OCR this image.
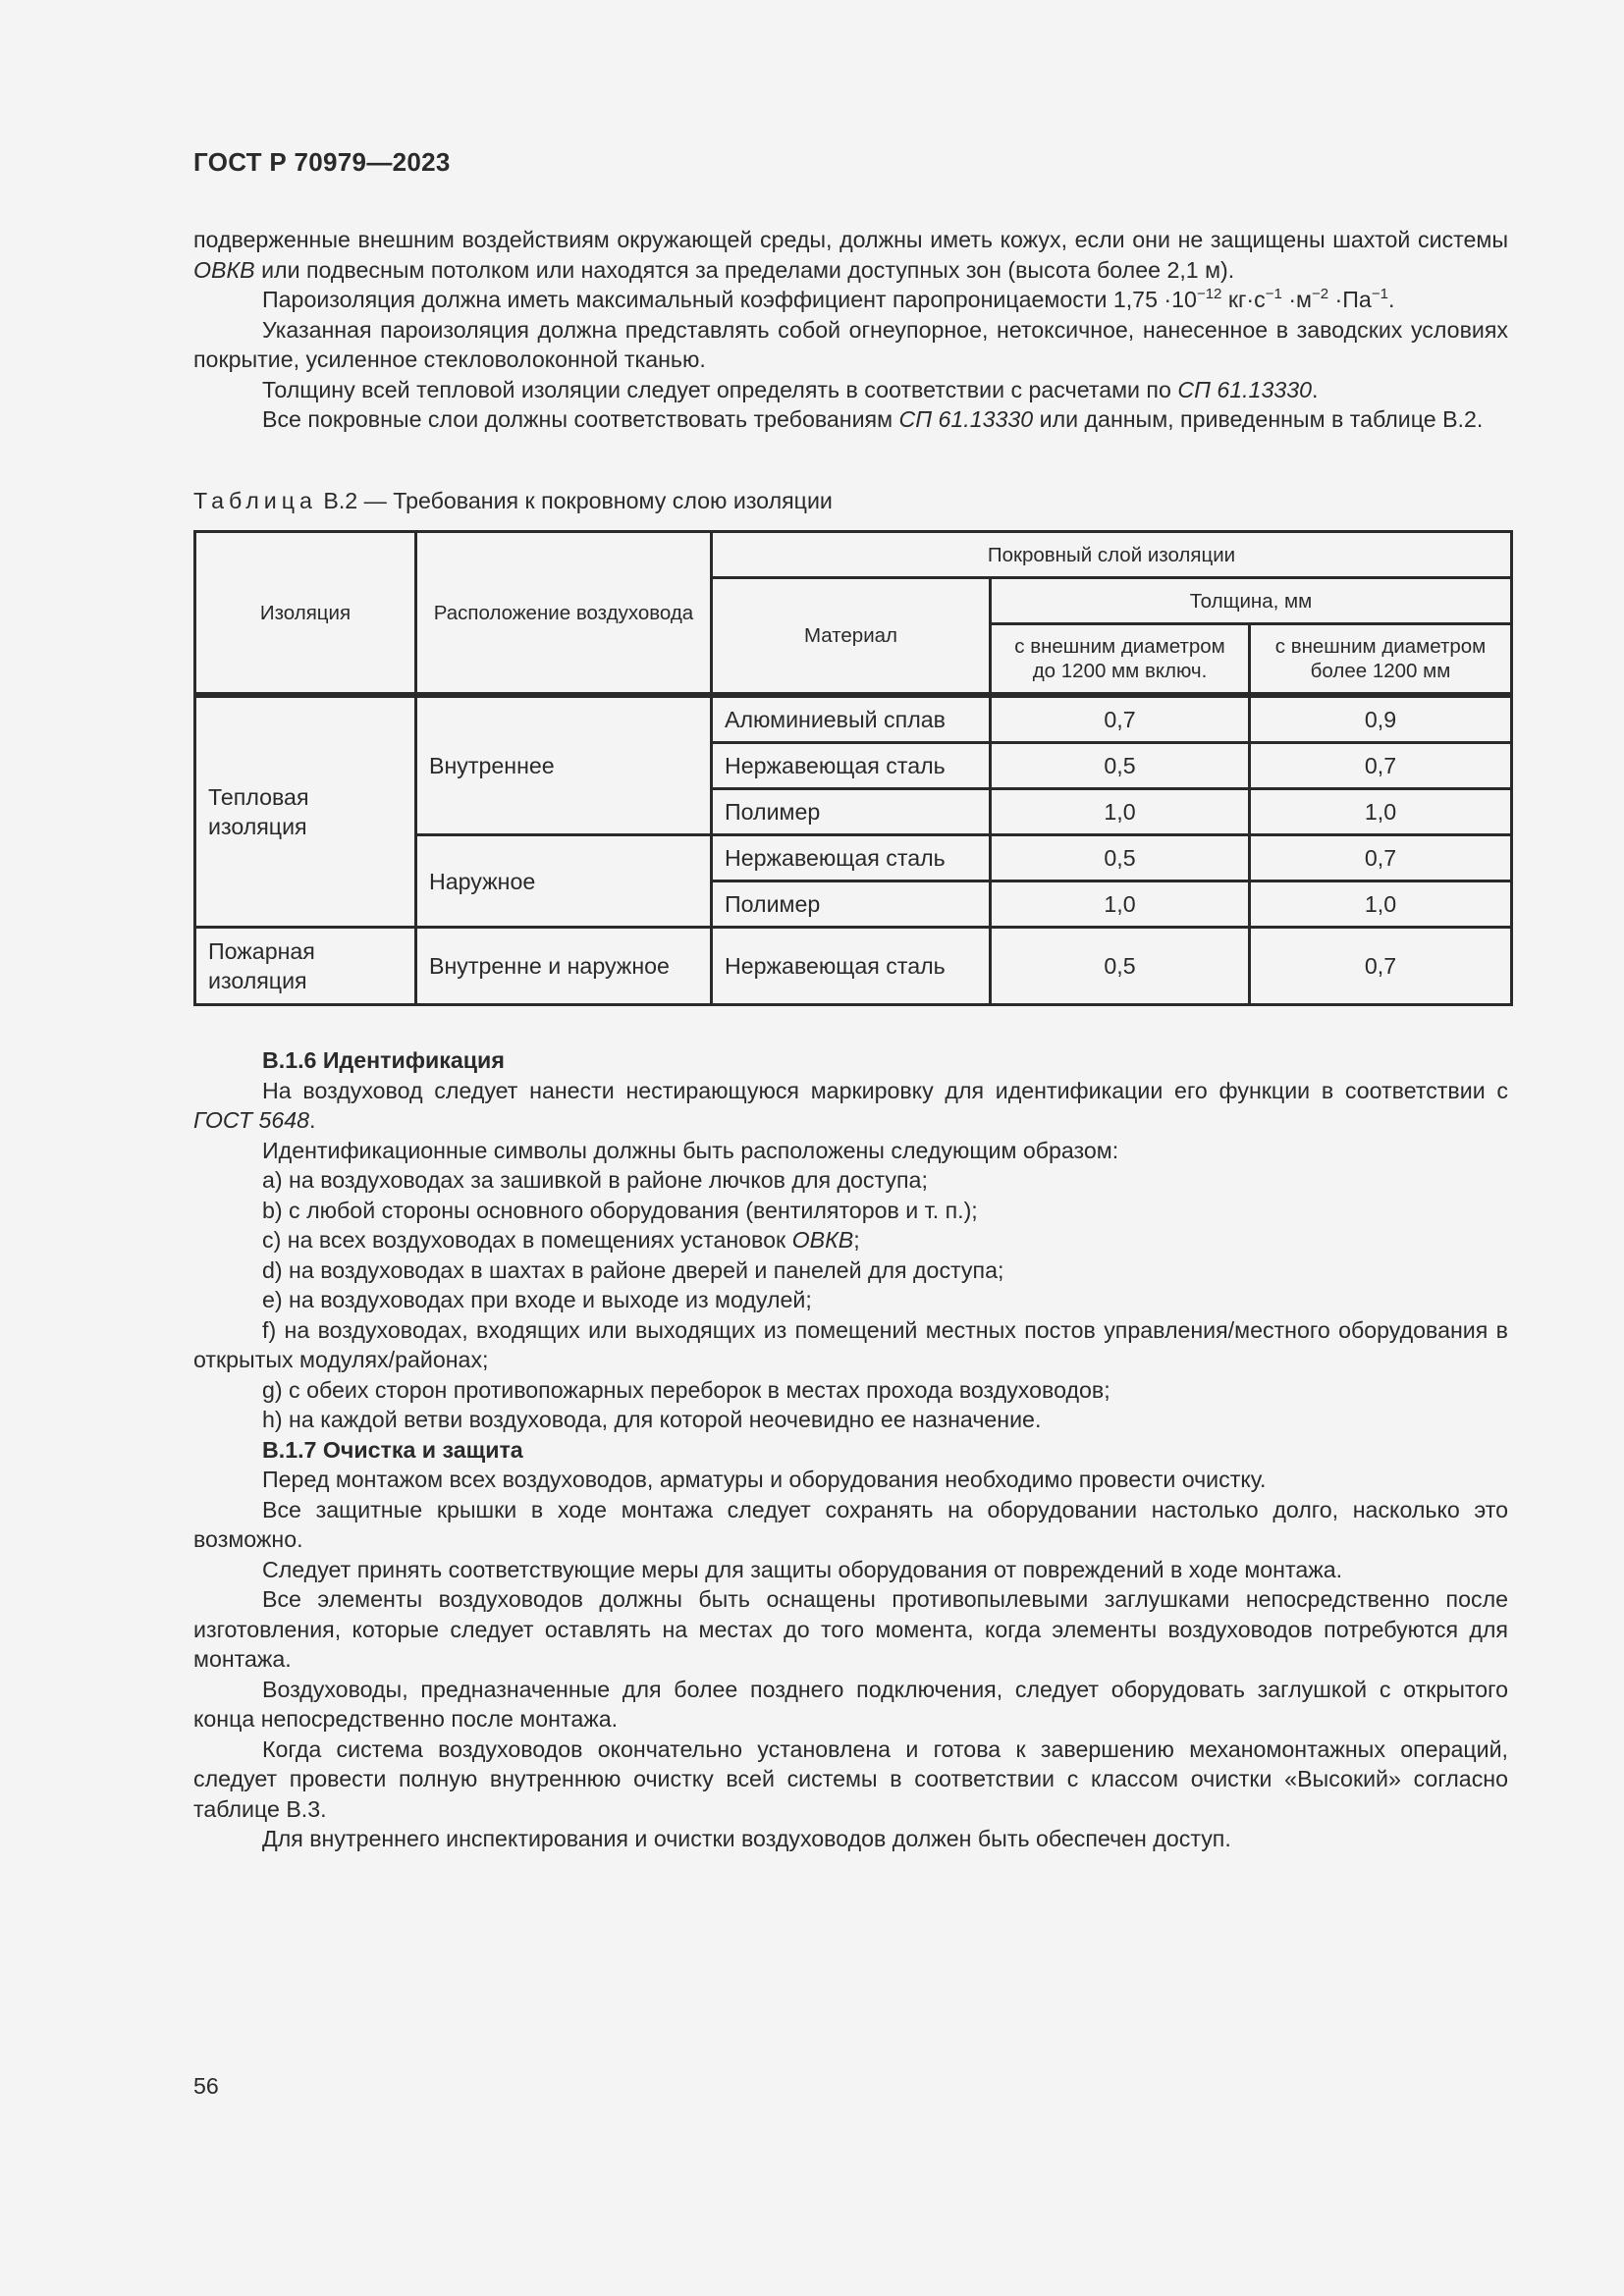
ГОСТ Р 70979—2023

подверженные внешним воздействиям окружающей среды, должны иметь кожух, если они не защищены шахтой системы ОВКВ или подвесным потолком или находятся за пределами доступных зон (высота более 2,1 м).

Пароизоляция должна иметь максимальный коэффициент паропроницаемости $1,75 \cdot 10^{-12}$ $кг\cdot с^{-1} \cdot м^{-2} \cdot Па^{-1}$.

Указанная пароизоляция должна представлять собой огнеупорное, нетоксичное, нанесенное в заводских условиях покрытие, усиленное стекловолоконной тканью.

Толщину всей тепловой изоляции следует определять в соответствии с расчетами по СП 61.13330.

Все покровные слои должны соответствовать требованиям СП 61.13330 или данным, приведенным в таблице В.2.

Таблица В.2 — Требования к покровному слою изоляции
Изоляция	Расположение воздуховода	Покровный слой изоляции		
		Материал	Толщина, мм	
			с внешним диаметром до 1200 мм включ.	с внешним диаметром более 1200 мм
Тепловая изоляция	Внутреннее	Алюминиевый сплав	0,7	0,9
		Нержавеющая сталь	0,5	0,7
		Полимер	1,0	1,0
	Наружное	Нержавеющая сталь	0,5	0,7
		Полимер	1,0	1,0
Пожарная изоляция	Внутренне и наружное	Нержавеющая сталь	0,5	0,7

В.1.6 Идентификация

На воздуховод следует нанести нестирающуюся маркировку для идентификации его функции в соответствии с ГОСТ 5648.

Идентификационные символы должны быть расположены следующим образом:

a) на воздуховодах за зашивкой в районе лючков для доступа;

b) с любой стороны основного оборудования (вентиляторов и т. п.);

c) на всех воздуховодах в помещениях установок ОВКВ;

d) на воздуховодах в шахтах в районе дверей и панелей для доступа;

e) на воздуховодах при входе и выходе из модулей;

f) на воздуховодах, входящих или выходящих из помещений местных постов управления/местного оборудования в открытых модулях/районах;

g) с обеих сторон противопожарных переборок в местах прохода воздуховодов;

h) на каждой ветви воздуховода, для которой неочевидно ее назначение.

В.1.7 Очистка и защита

Перед монтажом всех воздуховодов, арматуры и оборудования необходимо провести очистку.

Все защитные крышки в ходе монтажа следует сохранять на оборудовании настолько долго, насколько это возможно.

Следует принять соответствующие меры для защиты оборудования от повреждений в ходе монтажа.

Все элементы воздуховодов должны быть оснащены противопылевыми заглушками непосредственно после изготовления, которые следует оставлять на местах до того момента, когда элементы воздуховодов потребуются для монтажа.

Воздуховоды, предназначенные для более позднего подключения, следует оборудовать заглушкой с открытого конца непосредственно после монтажа.

Когда система воздуховодов окончательно установлена и готова к завершению механомонтажных операций, следует провести полную внутреннюю очистку всей системы в соответствии с классом очистки «Высокий» согласно таблице В.3.

Для внутреннего инспектирования и очистки воздуховодов должен быть обеспечен доступ.

56
